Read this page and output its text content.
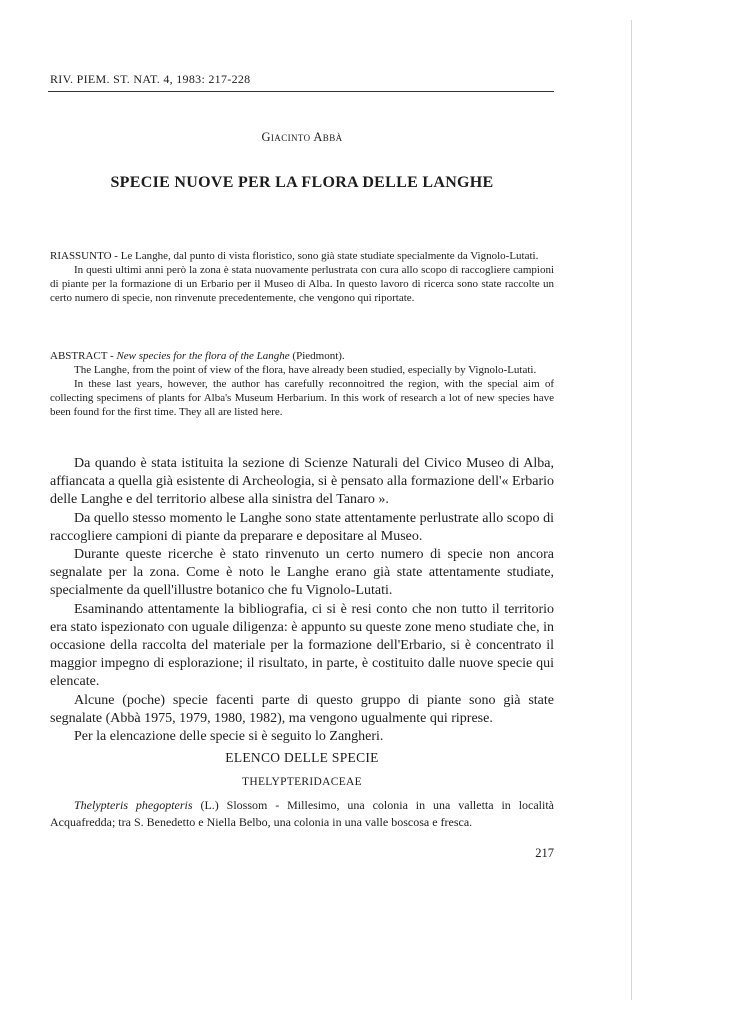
RIV. PIEM. ST. NAT. 4, 1983: 217-228
Giacinto Abbà
SPECIE NUOVE PER LA FLORA DELLE LANGHE

RIASSUNTO - Le Langhe, dal punto di vista floristico, sono già state studiate specialmente da Vignolo-Lutati.

In questi ultimi anni però la zona è stata nuovamente perlustrata con cura allo scopo di raccogliere campioni di piante per la formazione di un Erbario per il Museo di Alba. In questo lavoro di ricerca sono state raccolte un certo numero di specie, non rinvenute precedentemente, che vengono qui riportate.

ABSTRACT - New species for the flora of the Langhe (Piedmont).

The Langhe, from the point of view of the flora, have already been studied, especially by Vignolo-Lutati.

In these last years, however, the author has carefully reconnoitred the region, with the special aim of collecting specimens of plants for Alba's Museum Herbarium. In this work of research a lot of new species have been found for the first time. They all are listed here.

Da quando è stata istituita la sezione di Scienze Naturali del Civico Museo di Alba, affiancata a quella già esistente di Archeologia, si è pensato alla formazione dell'« Erbario delle Langhe e del territorio albese alla sinistra del Tanaro ».

Da quello stesso momento le Langhe sono state attentamente perlustrate allo scopo di raccogliere campioni di piante da preparare e depositare al Museo.

Durante queste ricerche è stato rinvenuto un certo numero di specie non ancora segnalate per la zona. Come è noto le Langhe erano già state attentamente studiate, specialmente da quell'illustre botanico che fu Vignolo-Lutati.

Esaminando attentamente la bibliografia, ci si è resi conto che non tutto il territorio era stato ispezionato con uguale diligenza: è appunto su queste zone meno studiate che, in occasione della raccolta del materiale per la formazione dell'Erbario, si è concentrato il maggior impegno di esplorazione; il risultato, in parte, è costituito dalle nuove specie qui elencate.

Alcune (poche) specie facenti parte di questo gruppo di piante sono già state segnalate (Abbà 1975, 1979, 1980, 1982), ma vengono ugualmente qui riprese.

Per la elencazione delle specie si è seguito lo Zangheri.

ELENCO DELLE SPECIE
THELYPTERIDACEAE

Thelypteris phegopteris (L.) Slossom - Millesimo, una colonia in una valletta in località Acquafredda; tra S. Benedetto e Niella Belbo, una colonia in una valle boscosa e fresca.

217
